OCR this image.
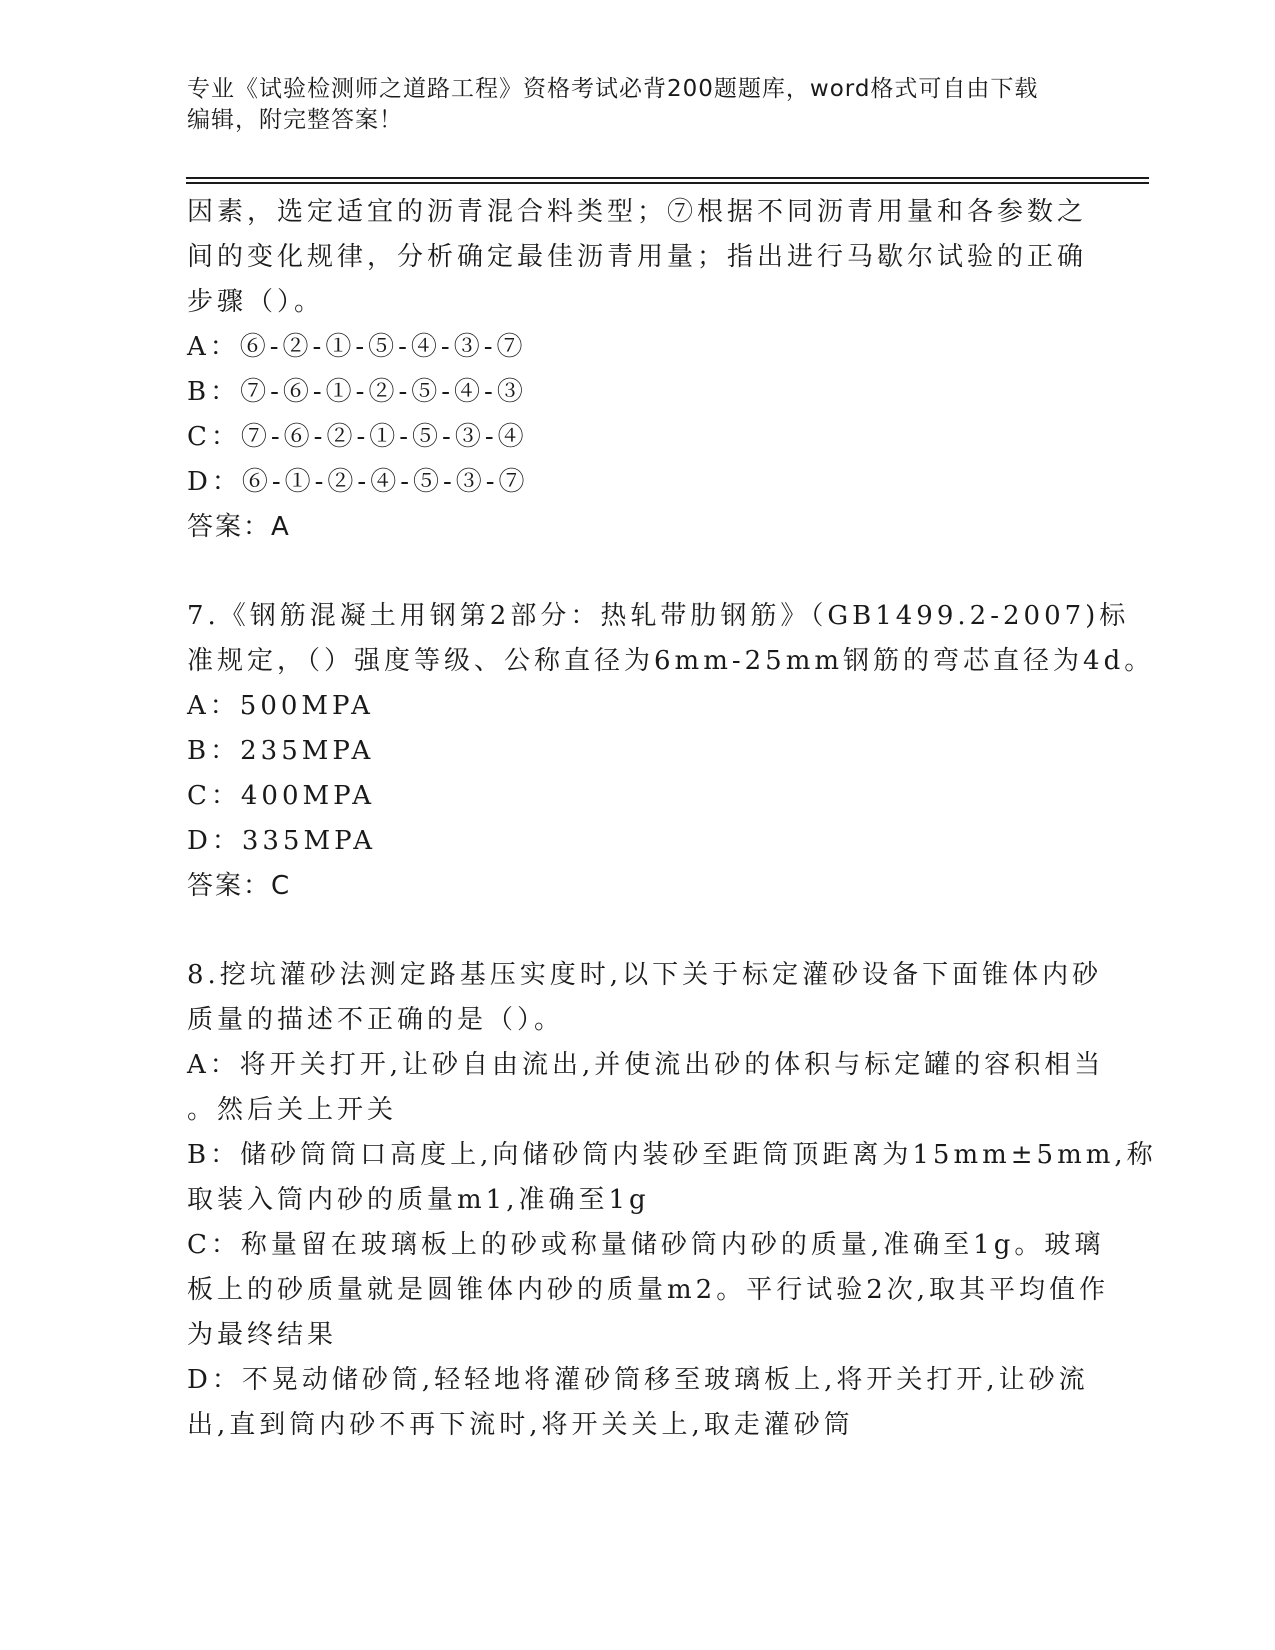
专业《试验检测师之道路工程》资格考试必背200题题库，word格式可自由下载
编辑，附完整答案！
因素，选定适宜的沥青混合料类型；⑦根据不同沥青用量和各参数之
间的变化规律，分析确定最佳沥青用量；指出进行马歇尔试验的正确
步骤（）。
A：⑥-②-①-⑤-④-③-⑦
B：⑦-⑥-①-②-⑤-④-③
C：⑦-⑥-②-①-⑤-③-④
D：⑥-①-②-④-⑤-③-⑦
答案：A
7.《钢筋混凝土用钢第2部分：热轧带肋钢筋》（GB1499.2-2007)标
准规定，（）强度等级、公称直径为6mm-25mm钢筋的弯芯直径为4d。
A：500MPA
B：235MPA
C：400MPA
D：335MPA
答案：C
8.挖坑灌砂法测定路基压实度时,以下关于标定灌砂设备下面锥体内砂
质量的描述不正确的是（）。
A：将开关打开,让砂自由流出,并使流出砂的体积与标定罐的容积相当
。然后关上开关
B：储砂筒筒口高度上,向储砂筒内装砂至距筒顶距离为15mm±5mm,称
取装入筒内砂的质量m1,准确至1g
C：称量留在玻璃板上的砂或称量储砂筒内砂的质量,准确至1g。玻璃
板上的砂质量就是圆锥体内砂的质量m2。平行试验2次,取其平均值作
为最终结果
D：不晃动储砂筒,轻轻地将灌砂筒移至玻璃板上,将开关打开,让砂流
出,直到筒内砂不再下流时,将开关关上,取走灌砂筒
